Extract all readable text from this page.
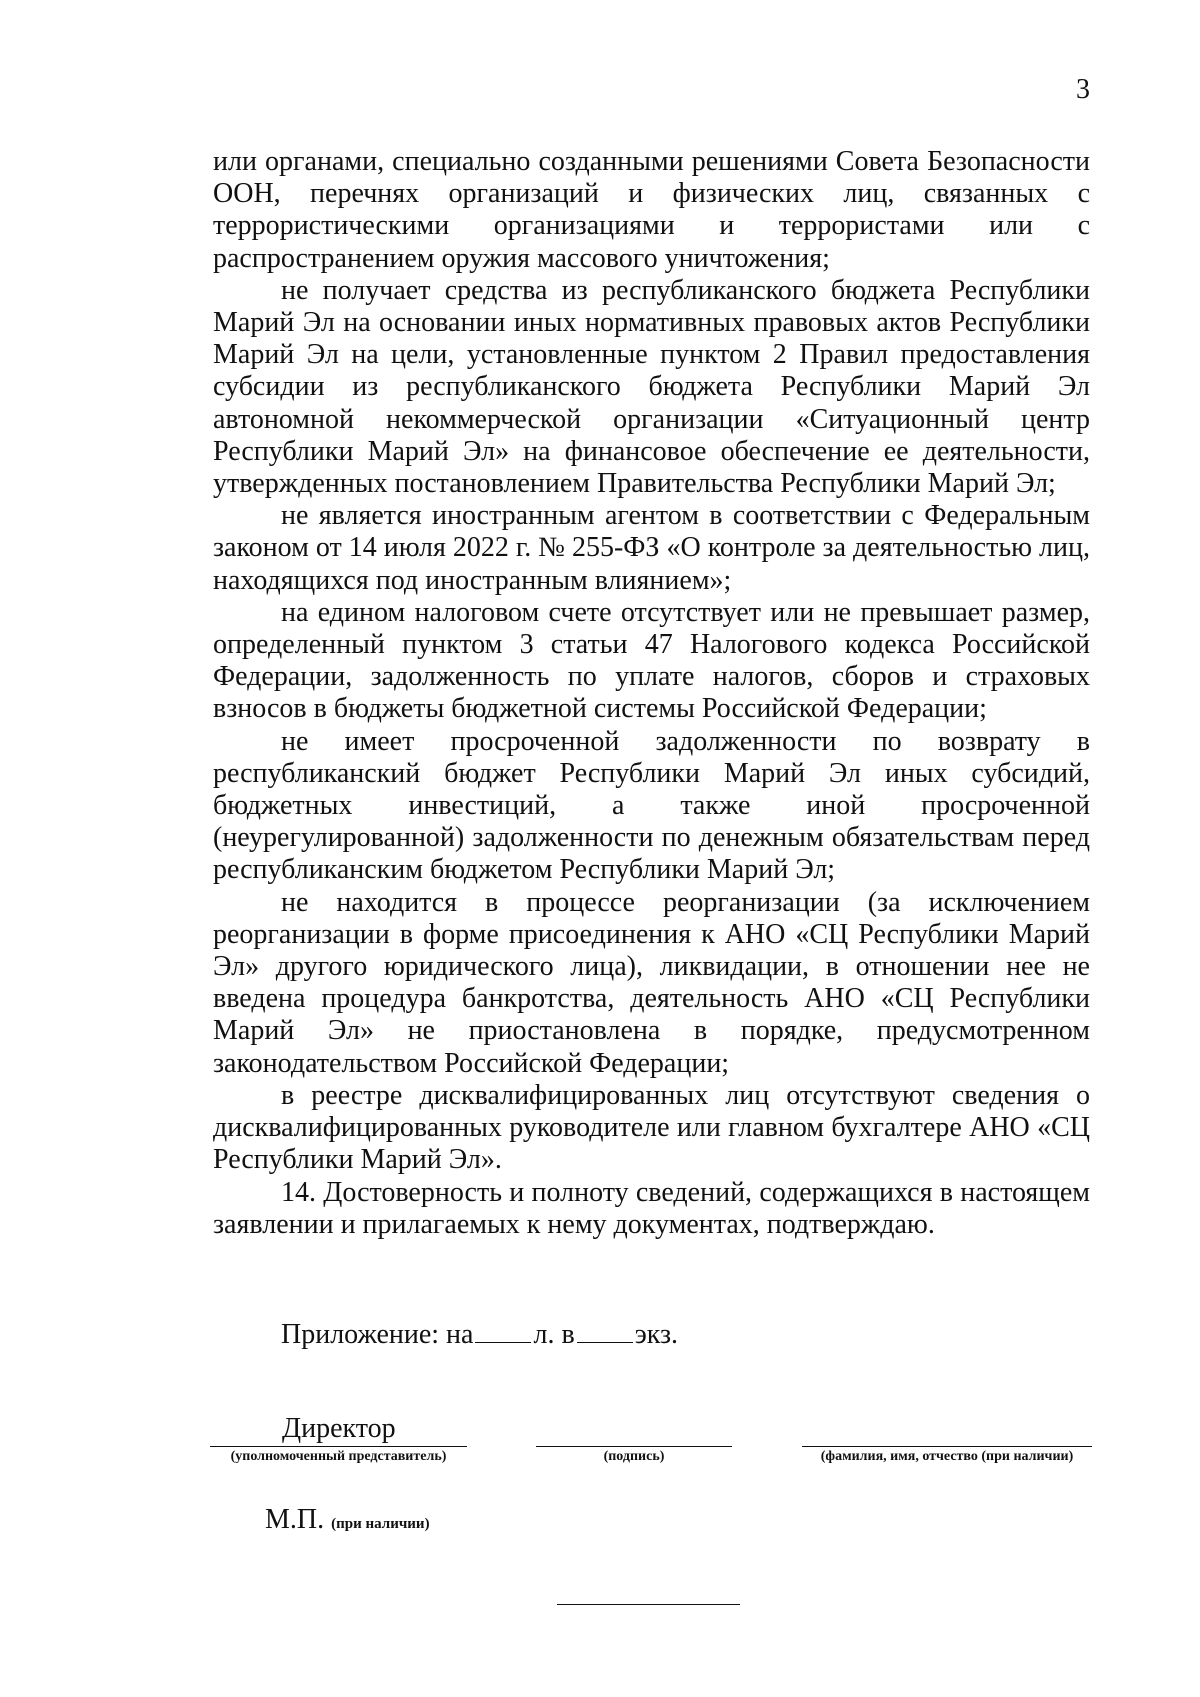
3

или органами, специально созданными решениями Совета Безопасности ООН, перечнях организаций и физических лиц, связанных с террористическими организациями и террористами или с распространением оружия массового уничтожения;

не получает средства из республиканского бюджета Республики Марий Эл на основании иных нормативных правовых актов Республики Марий Эл на цели, установленные пунктом 2 Правил предоставления субсидии из республиканского бюджета Республики Марий Эл автономной некоммерческой организации «Ситуационный центр Республики Марий Эл» на финансовое обеспечение ее деятельности, утвержденных постановлением Правительства Республики Марий Эл;

не является иностранным агентом в соответствии с Федеральным законом от 14 июля 2022 г. № 255-ФЗ «О контроле за деятельностью лиц, находящихся под иностранным влиянием»;

на едином налоговом счете отсутствует или не превышает размер, определенный пунктом 3 статьи 47 Налогового кодекса Российской Федерации, задолженность по уплате налогов, сборов и страховых взносов в бюджеты бюджетной системы Российской Федерации;

не имеет просроченной задолженности по возврату в республиканский бюджет Республики Марий Эл иных субсидий, бюджетных инвестиций, а также иной просроченной (неурегулированной) задолженности по денежным обязательствам перед республиканским бюджетом Республики Марий Эл;

не находится в процессе реорганизации (за исключением реорганизации в форме присоединения к АНО «СЦ Республики Марий Эл» другого юридического лица), ликвидации, в отношении нее не введена процедура банкротства, деятельность АНО «СЦ Республики Марий Эл» не приостановлена в порядке, предусмотренном законодательством Российской Федерации;

в реестре дисквалифицированных лиц отсутствуют сведения о дисквалифицированных руководителе или главном бухгалтере АНО «СЦ Республики Марий Эл».

14. Достоверность и полноту сведений, содержащихся в настоящем заявлении и прилагаемых к нему документах, подтверждаю.

Приложение: на л. в экз.
Директор
(уполномоченный представитель)	(подпись)	(фамилия, имя, отчество (при наличии)
М.П. (при наличии)
